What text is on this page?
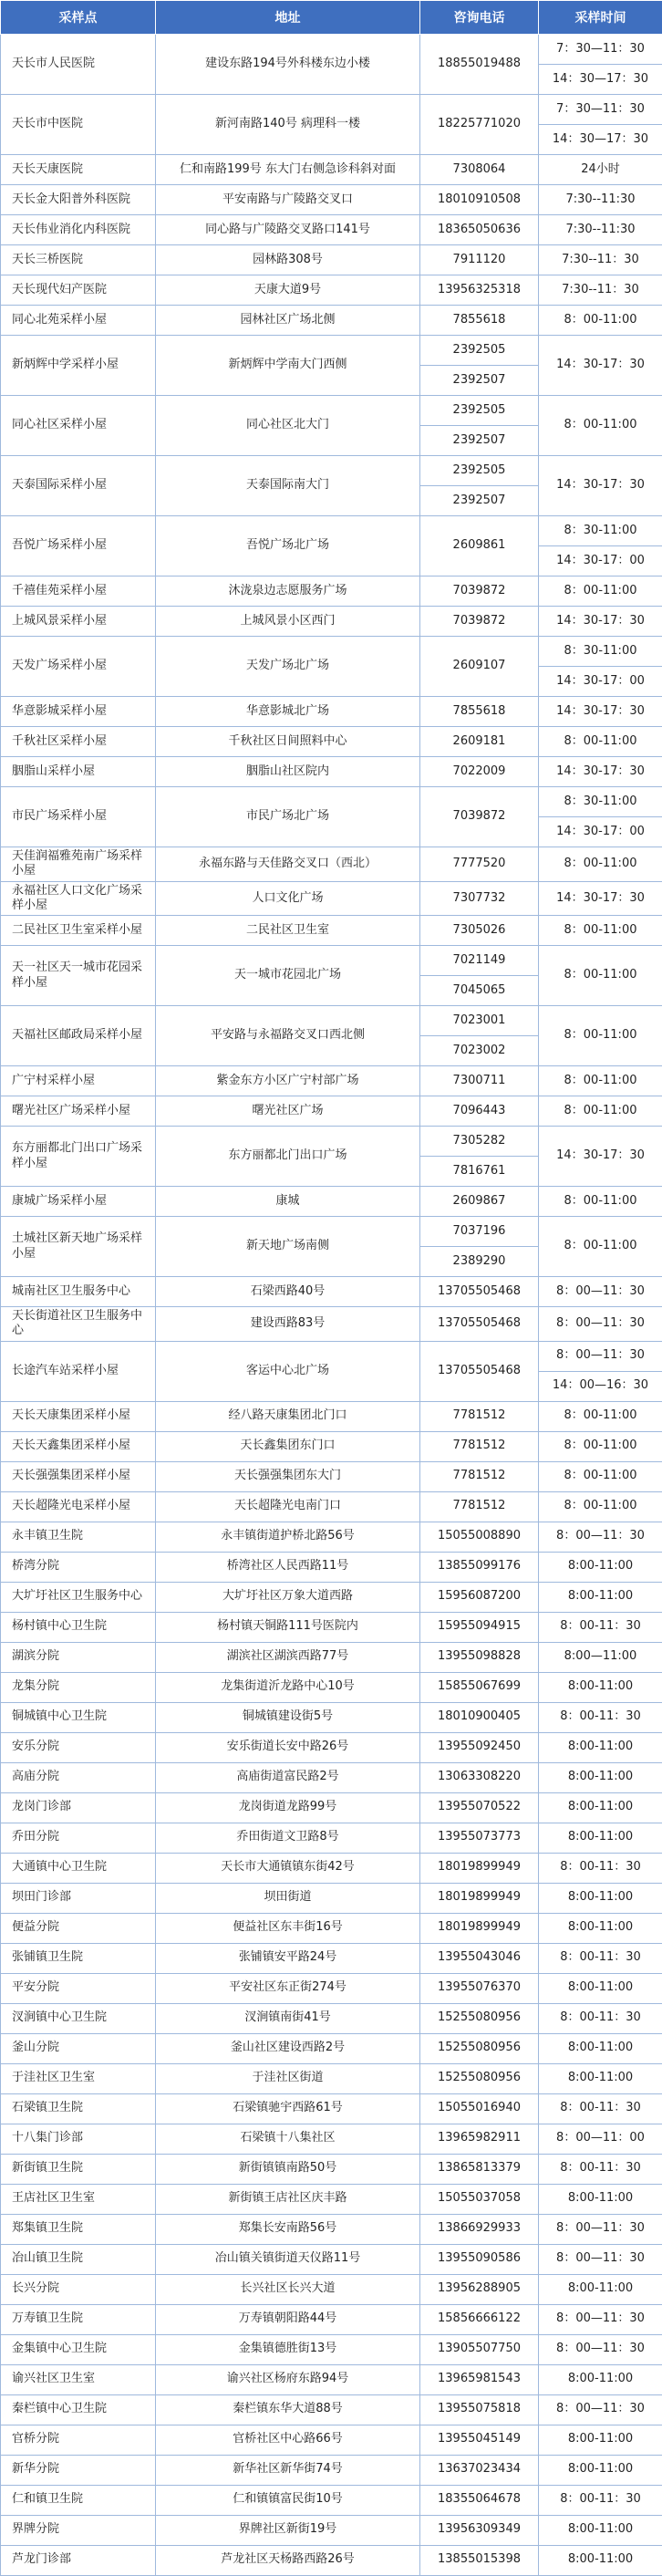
采样点	地址	咨询电话	采样时间
天长市人民医院	建设东路194号外科楼东边小楼	18855019488	7：30—11：30
			14：30—17：30
天长市中医院	新河南路140号 病理科一楼	18225771020	7：30—11：30
			14：30—17：30
天长天康医院	仁和南路199号 东大门右侧急诊科斜对面	7308064	24小时
天长金大阳普外科医院	平安南路与广陵路交叉口	18010910508	7:30--11:30
天长伟业消化内科医院	同心路与广陵路交叉路口141号	18365050636	7:30--11:30
天长三桥医院	园林路308号	7911120	7:30--11：30
天长现代妇产医院	天康大道9号	13956325318	7:30--11：30
同心北苑采样小屋	园林社区广场北侧	7855618	8：00-11:00
新炳辉中学采样小屋	新炳辉中学南大门西侧	2392505	14：30-17：30
		2392507	
同心社区采样小屋	同心社区北大门	2392505	8：00-11:00
		2392507	
天泰国际采样小屋	天泰国际南大门	2392505	14：30-17：30
		2392507	
吾悦广场采样小屋	吾悦广场北广场	2609861	8：30-11:00
			14：30-17：00
千禧佳苑采样小屋	沐泷泉边志愿服务广场	7039872	8：00-11:00
上城风景采样小屋	上城风景小区西门	7039872	14：30-17：30
天发广场采样小屋	天发广场北广场	2609107	8：30-11:00
			14：30-17：00
华意影城采样小屋	华意影城北广场	7855618	14：30-17：30
千秋社区采样小屋	千秋社区日间照料中心	2609181	8：00-11:00
胭脂山采样小屋	胭脂山社区院内	7022009	14：30-17：30
市民广场采样小屋	市民广场北广场	7039872	8：30-11:00
			14：30-17：00
天佳润福雅苑南广场采样小屋	永福东路与天佳路交叉口（西北）	7777520	8：00-11:00
永福社区人口文化广场采样小屋	人口文化广场	7307732	14：30-17：30
二民社区卫生室采样小屋	二民社区卫生室	7305026	8：00-11:00
天一社区天一城市花园采样小屋	天一城市花园北广场	7021149	8：00-11:00
		7045065	
天福社区邮政局采样小屋	平安路与永福路交叉口西北侧	7023001	8：00-11:00
		7023002	
广宁村采样小屋	紫金东方小区广宁村部广场	7300711	8：00-11:00
曙光社区广场采样小屋	曙光社区广场	7096443	8：00-11:00
东方丽都北门出口广场采样小屋	东方丽都北门出口广场	7305282	14：30-17：30
		7816761	
康城广场采样小屋	康城	2609867	8：00-11:00
土城社区新天地广场采样小屋	新天地广场南侧	7037196	8：00-11:00
		2389290	
城南社区卫生服务中心	石梁西路40号	13705505468	8：00—11：30
天长街道社区卫生服务中心	建设西路83号	13705505468	8：00—11：30
长途汽车站采样小屋	客运中心北广场	13705505468	8：00—11：30
			14：00—16：30
天长天康集团采样小屋	经八路天康集团北门口	7781512	8：00-11:00
天长天鑫集团采样小屋	天长鑫集团东门口	7781512	8：00-11:00
天长强强集团采样小屋	天长强强集团东大门	7781512	8：00-11:00
天长超隆光电采样小屋	天长超隆光电南门口	7781512	8：00-11:00
永丰镇卫生院	永丰镇街道护桥北路56号	15055008890	8：00—11：30
桥湾分院	桥湾社区人民西路11号	13855099176	8:00-11:00
大圹圩社区卫生服务中心	大圹圩社区万象大道西路	15956087200	8:00-11:00
杨村镇中心卫生院	杨村镇天铜路111号医院内	15955094915	8：00-11：30
湖滨分院	湖滨社区湖滨西路77号	13955098828	8:00—11:00
龙集分院	龙集街道沂龙路中心10号	15855067699	8:00-11:00
铜城镇中心卫生院	铜城镇建设街5号	18010900405	8：00-11：30
安乐分院	安乐街道长安中路26号	13955092450	8:00-11:00
高庙分院	高庙街道富民路2号	13063308220	8:00-11:00
龙岗门诊部	龙岗街道龙路99号	13955070522	8:00-11:00
乔田分院	乔田街道文卫路8号	13955073773	8:00-11:00
大通镇中心卫生院	天长市大通镇镇东街42号	18019899949	8：00-11：30
坝田门诊部	坝田街道	18019899949	8:00-11:00
便益分院	便益社区东丰街16号	18019899949	8:00-11:00
张铺镇卫生院	张铺镇安平路24号	13955043046	8：00-11：30
平安分院	平安社区东正街274号	13955076370	8:00-11:00
汊涧镇中心卫生院	汊涧镇南街41号	15255080956	8：00-11：30
釜山分院	釜山社区建设西路2号	15255080956	8:00-11:00
于洼社区卫生室	于洼社区街道	15255080956	8:00-11:00
石梁镇卫生院	石梁镇驰宇西路61号	15055016940	8：00-11：30
十八集门诊部	石梁镇十八集社区	13965982911	8：00—11：00
新街镇卫生院	新街镇镇南路50号	13865813379	8：00-11：30
王店社区卫生室	新街镇王店社区庆丰路	15055037058	8:00-11:00
郑集镇卫生院	郑集长安南路56号	13866929933	8：00—11：30
冶山镇卫生院	冶山镇关镇街道天仪路11号	13955090586	8：00—11：30
长兴分院	长兴社区长兴大道	13956288905	8:00-11:00
万寿镇卫生院	万寿镇朝阳路44号	15856666122	8：00—11：30
金集镇中心卫生院	金集镇德胜街13号	13905507750	8：00—11：30
谕兴社区卫生室	谕兴社区杨府东路94号	13965981543	8:00-11:00
秦栏镇中心卫生院	秦栏镇东华大道88号	13955075818	8：00—11：30
官桥分院	官桥社区中心路66号	13955045149	8:00-11:00
新华分院	新华社区新华街74号	13637023434	8:00-11:00
仁和镇卫生院	仁和镇镇富民街10号	18355064678	8：00-11：30
界牌分院	界牌社区新街19号	13956309349	8:00-11:00
芦龙门诊部	芦龙社区天杨路西路26号	13855015398	8:00-11:00
